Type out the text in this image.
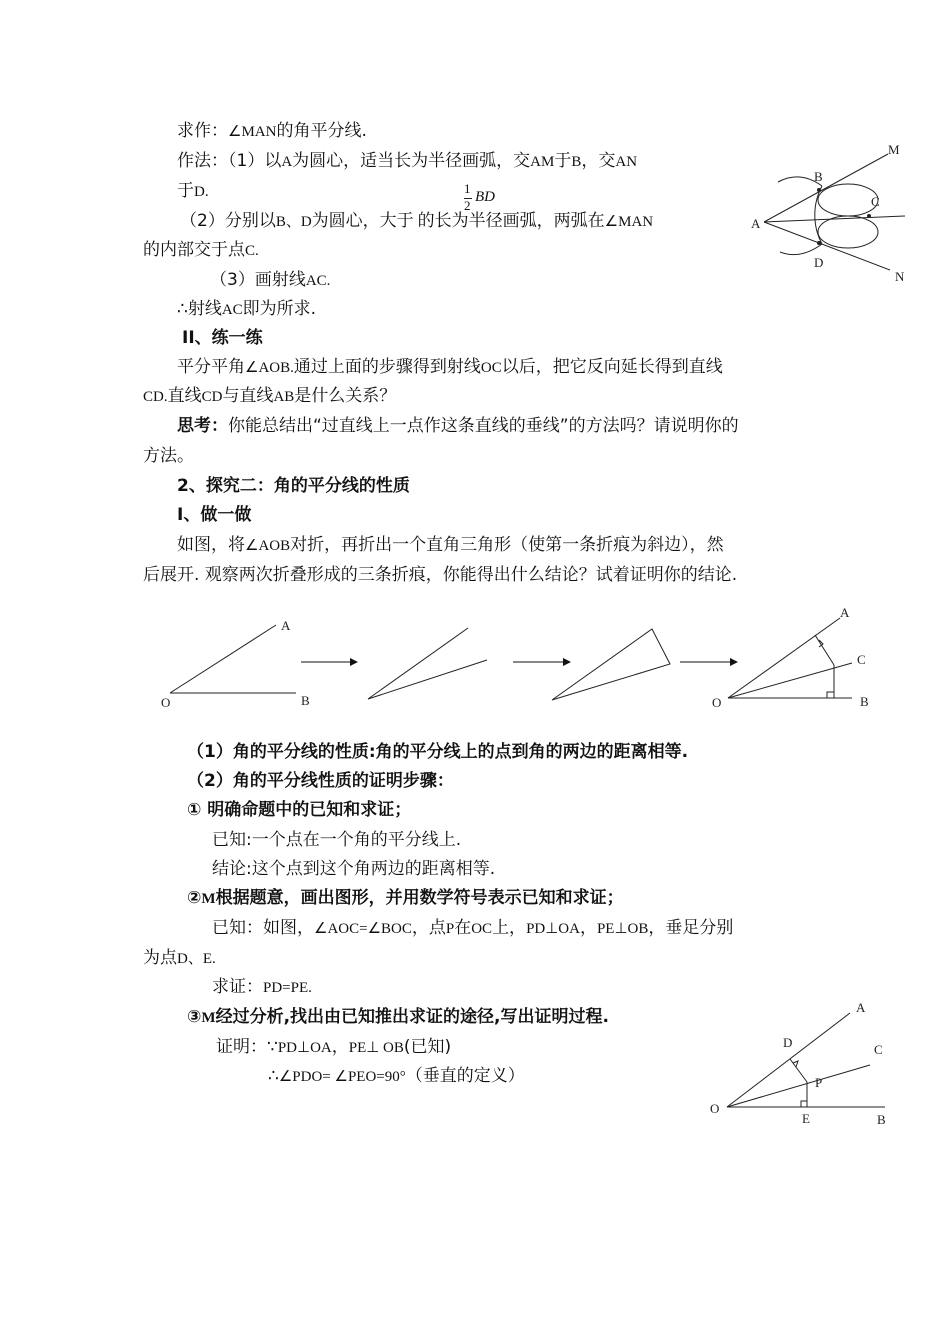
求作：∠MAN的角平分线.
作法：（1）以A为圆心，适当长为半径画弧，交AM于B，交AN
于D.	1
2
BD
（2）分别以B、D为圆心，大于 的长为半径画弧，两弧在∠MAN
的内部交于点C.
（3）画射线AC.
∴射线AC即为所求.
M
B
C
A
D
N
II、练一练
平分平角∠AOB.通过上面的步骤得到射线OC以后，把它反向延长得到直线
CD.直线CD与直线AB是什么关系？
思考：你能总结出“过直线上一点作这条直线的垂线”的方法吗？请说明你的
方法。
2、探究二：角的平分线的性质
I、做一做
如图，将∠AOB对折，再折出一个直角三角形（使第一条折痕为斜边），然
后展开. 观察两次折叠形成的三条折痕，你能得出什么结论？试着证明你的结论.
A
O	B
A
C
O	B
（1）角的平分线的性质:角的平分线上的点到角的两边的距离相等.
（2）角的平分线性质的证明步骤：
① 明确命题中的已知和求证；
已知:一个点在一个角的平分线上.
结论:这个点到这个角两边的距离相等.
②M根据题意，画出图形，并用数学符号表示已知和求证；
已知：如图，∠AOC=∠BOC，点P在OC上，PD⊥OA，PE⊥OB，垂足分别
为点D、E.
求证：PD=PE.
③M经过分析,找出由已知推出求证的途径,写出证明过程.
证明：∵PD⊥OA，PE⊥ OB(已知)
∴∠PDO= ∠PEO=90°（垂直的定义）
A
D	C
P
O
E	B
